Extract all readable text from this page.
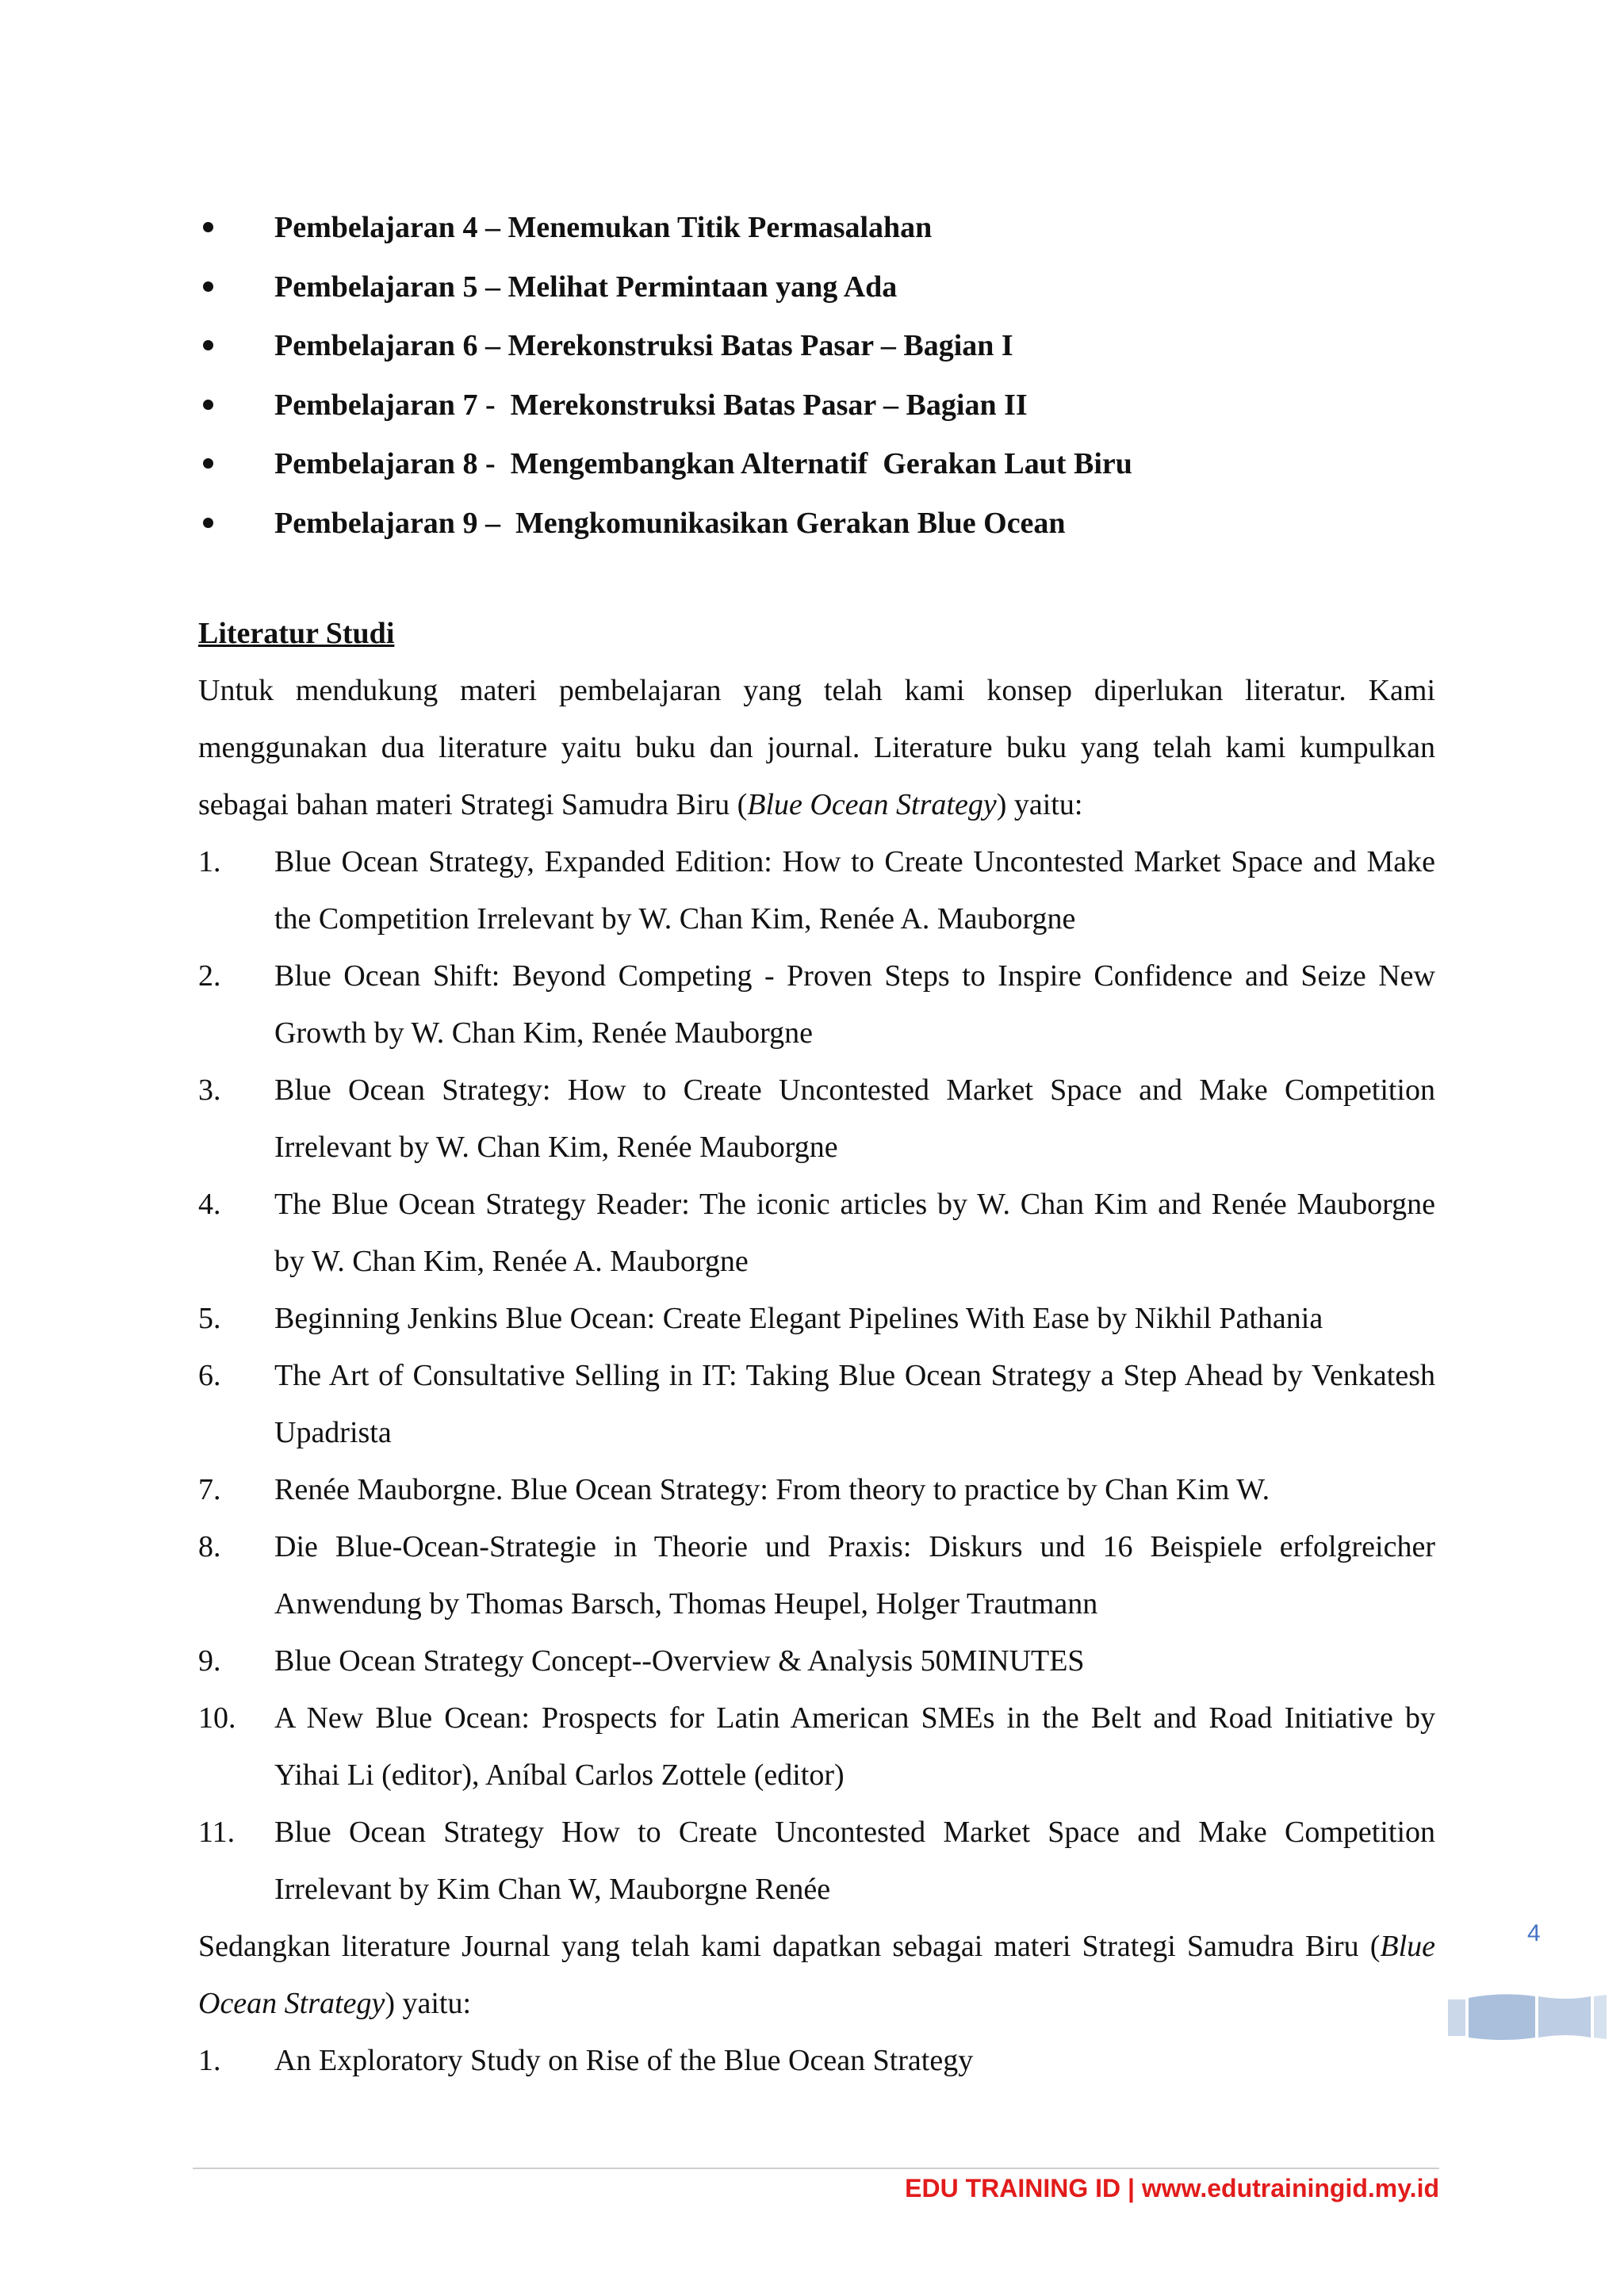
Pembelajaran 4 – Menemukan Titik Permasalahan
Pembelajaran 5 – Melihat Permintaan yang Ada
Pembelajaran 6 – Merekonstruksi Batas Pasar – Bagian I
Pembelajaran 7 -  Merekonstruksi Batas Pasar – Bagian II
Pembelajaran 8 -  Mengembangkan Alternatif  Gerakan Laut Biru
Pembelajaran 9 –  Mengkomunikasikan Gerakan Blue Ocean
Literatur Studi

Untuk mendukung materi pembelajaran yang telah kami konsep diperlukan literatur. Kami menggunakan dua literature yaitu buku dan journal. Literature buku yang telah kami kumpulkan sebagai bahan materi Strategi Samudra Biru (Blue Ocean Strategy) yaitu:

1. Blue Ocean Strategy, Expanded Edition: How to Create Uncontested Market Space and Make the Competition Irrelevant by W. Chan Kim, Renée A. Mauborgne
2. Blue Ocean Shift: Beyond Competing - Proven Steps to Inspire Confidence and Seize New Growth by W. Chan Kim, Renée Mauborgne
3. Blue Ocean Strategy: How to Create Uncontested Market Space and Make Competition Irrelevant by W. Chan Kim, Renée Mauborgne
4. The Blue Ocean Strategy Reader: The iconic articles by W. Chan Kim and Renée Mauborgne by W. Chan Kim, Renée A. Mauborgne
5. Beginning Jenkins Blue Ocean: Create Elegant Pipelines With Ease by Nikhil Pathania
6. The Art of Consultative Selling in IT: Taking Blue Ocean Strategy a Step Ahead by Venkatesh Upadrista
7. Renée Mauborgne. Blue Ocean Strategy: From theory to practice by Chan Kim W.
8. Die Blue-Ocean-Strategie in Theorie und Praxis: Diskurs und 16 Beispiele erfolgreicher Anwendung by Thomas Barsch, Thomas Heupel, Holger Trautmann
9. Blue Ocean Strategy Concept--Overview & Analysis 50MINUTES
10. A New Blue Ocean: Prospects for Latin American SMEs in the Belt and Road Initiative by Yihai Li (editor), Aníbal Carlos Zottele (editor)
11. Blue Ocean Strategy How to Create Uncontested Market Space and Make Competition Irrelevant by Kim Chan W, Mauborgne Renée

Sedangkan literature Journal yang telah kami dapatkan sebagai materi Strategi Samudra Biru (Blue Ocean Strategy) yaitu:

1. An Exploratory Study on Rise of the Blue Ocean Strategy
4
EDU TRAINING ID | www.edutrainingid.my.id
